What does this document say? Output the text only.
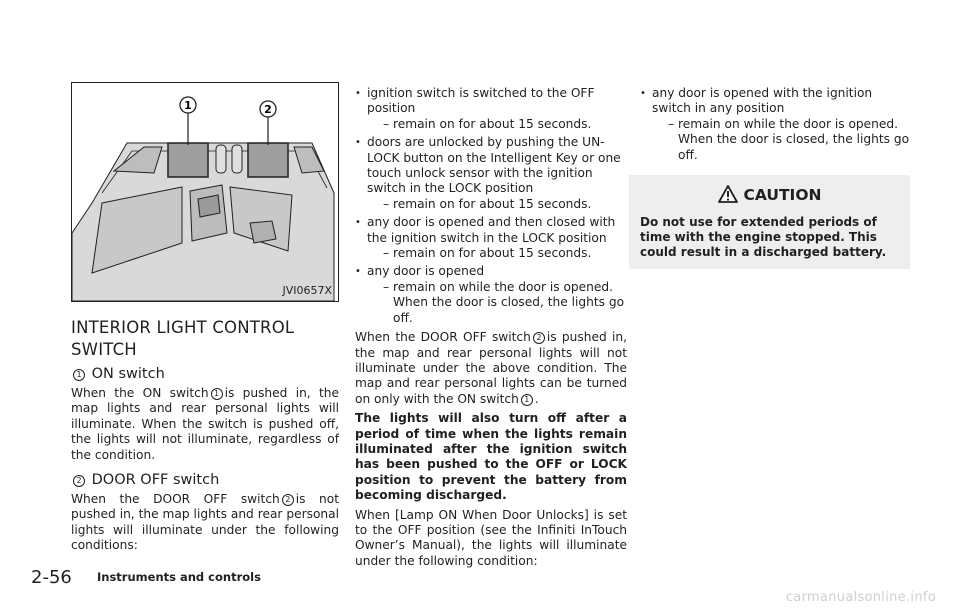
1	2
JVI0657X
INTERIOR LIGHT CONTROL SWITCH
1 ON switch

When the ON switch 1 is pushed in, the map lights and rear personal lights will illuminate. When the switch is pushed off, the lights will not illuminate, regardless of the condition.

2 DOOR OFF switch

When the DOOR OFF switch 2 is not pushed in, the map lights and rear personal lights will illuminate under the following conditions:

• ignition switch is switched to the OFF position
– remain on for about 15 seconds.
• doors are unlocked by pushing the UN-LOCK button on the Intelligent Key or one touch unlock sensor with the ignition switch in the LOCK position
– remain on for about 15 seconds.
• any door is opened and then closed with the ignition switch in the LOCK position
– remain on for about 15 seconds.
• any door is opened
– remain on while the door is opened. When the door is closed, the lights go off.

When the DOOR OFF switch 2 is pushed in, the map and rear personal lights will not illuminate under the above condition. The map and rear personal lights can be turned on only with the ON switch 1 .

The lights will also turn off after a period of time when the lights remain illuminated after the ignition switch has been pushed to the OFF or LOCK position to prevent the battery from becoming discharged.

When [Lamp ON When Door Unlocks] is set to the OFF position (see the Infiniti InTouch Owner’s Manual), the lights will illuminate under the following condition:

• any door is opened with the ignition switch in any position
– remain on while the door is opened. When the door is closed, the lights go off.
CAUTION
Do not use for extended periods of time with the engine stopped. This could result in a discharged battery.
2-56 Instruments and controls
carmanualsonline.info
